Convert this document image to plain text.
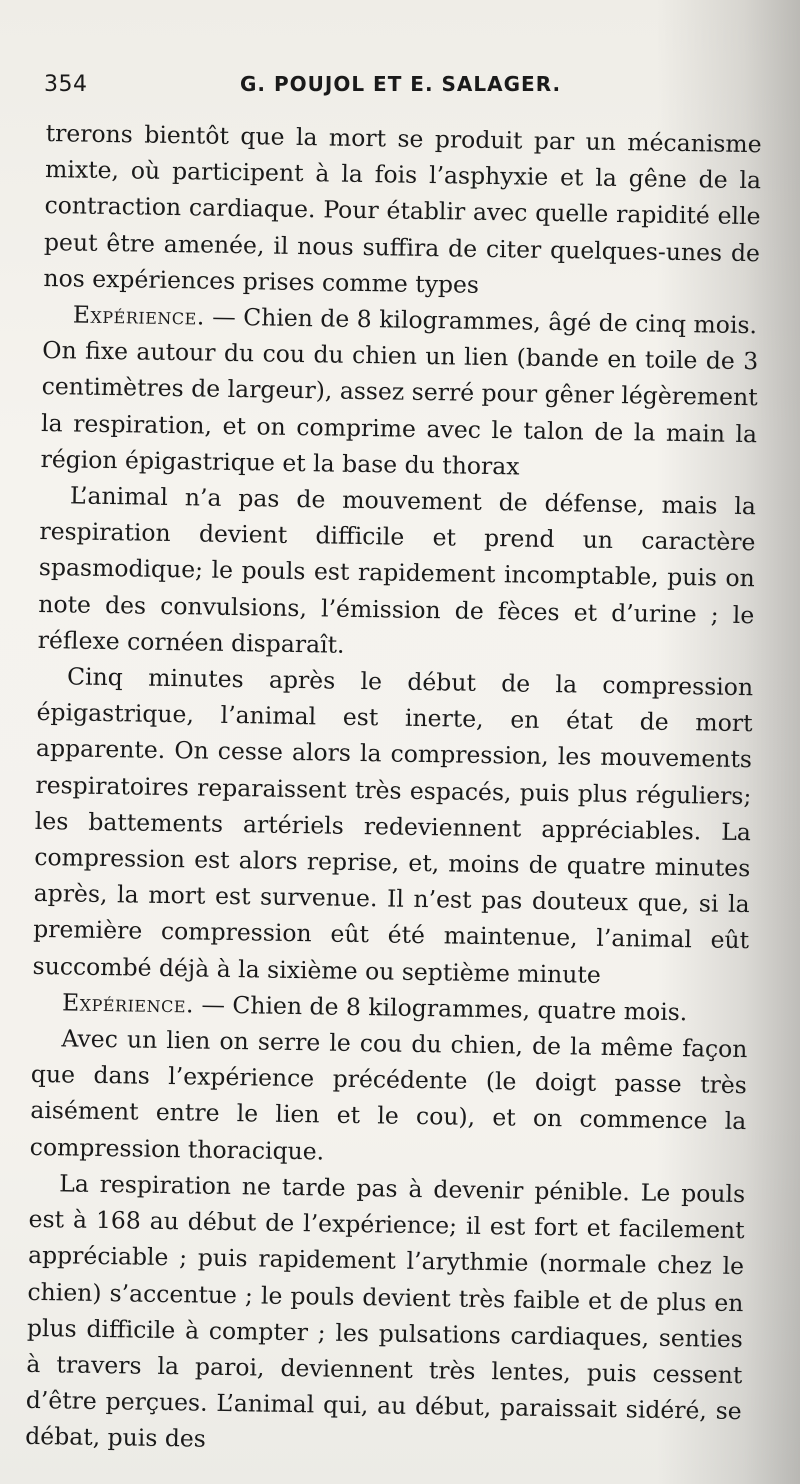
354	G. POUJOL ET E. SALAGER.

trerons bientôt que la mort se produit par un mécanisme mixte, où participent à la fois l’asphyxie et la gêne de la contraction cardiaque. Pour établir avec quelle rapidité elle peut être amenée, il nous suffira de citer quelques-unes de nos expériences prises comme types

Expérience. — Chien de 8 kilogrammes, âgé de cinq mois.

On fixe autour du cou du chien un lien (bande en toile de 3 centimètres de largeur), assez serré pour gêner légèrement la respiration, et on comprime avec le talon de la main la région épigastrique et la base du thorax

L’animal n’a pas de mouvement de défense, mais la respiration devient difficile et prend un caractère spasmodique; le pouls est rapidement incomptable, puis on note des convulsions, l’émission de fèces et d’urine ; le réflexe cornéen disparaît.

Cinq minutes après le début de la compression épigastrique, l’animal est inerte, en état de mort apparente. On cesse alors la compression, les mouvements respiratoires reparaissent très espacés, puis plus réguliers; les battements artériels redeviennent appréciables. La compression est alors reprise, et, moins de quatre minutes après, la mort est survenue. Il n’est pas douteux que, si la première compression eût été maintenue, l’animal eût succombé déjà à la sixième ou septième minute

Expérience. — Chien de 8 kilogrammes, quatre mois.

Avec un lien on serre le cou du chien, de la même façon que dans l’expérience précédente (le doigt passe très aisément entre le lien et le cou), et on commence la compression thoracique.

La respiration ne tarde pas à devenir pénible. Le pouls est à 168 au début de l’expérience; il est fort et facilement appréciable ; puis rapidement l’arythmie (normale chez le chien) s’accentue ; le pouls devient très faible et de plus en plus difficile à compter ; les pulsations cardiaques, senties à travers la paroi, deviennent très lentes, puis cessent d’être perçues. L’animal qui, au début, paraissait sidéré, se débat, puis des
